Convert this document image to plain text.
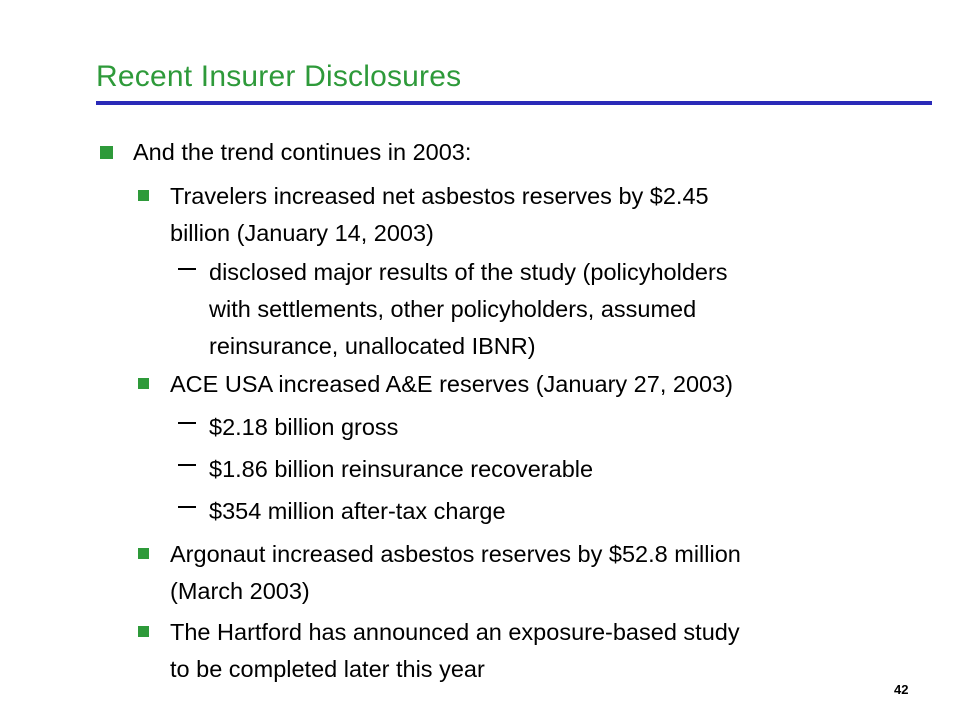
Recent Insurer Disclosures
And the trend continues in 2003:
Travelers increased net asbestos reserves by $2.45
billion (January 14, 2003)
disclosed major results of the study (policyholders
with settlements, other policyholders, assumed
reinsurance, unallocated IBNR)
ACE USA increased A&E reserves (January 27, 2003)
$2.18 billion gross
$1.86 billion reinsurance recoverable
$354 million after-tax charge
Argonaut increased asbestos reserves by $52.8 million
(March 2003)
The Hartford has announced an exposure-based study
to be completed later this year
42
